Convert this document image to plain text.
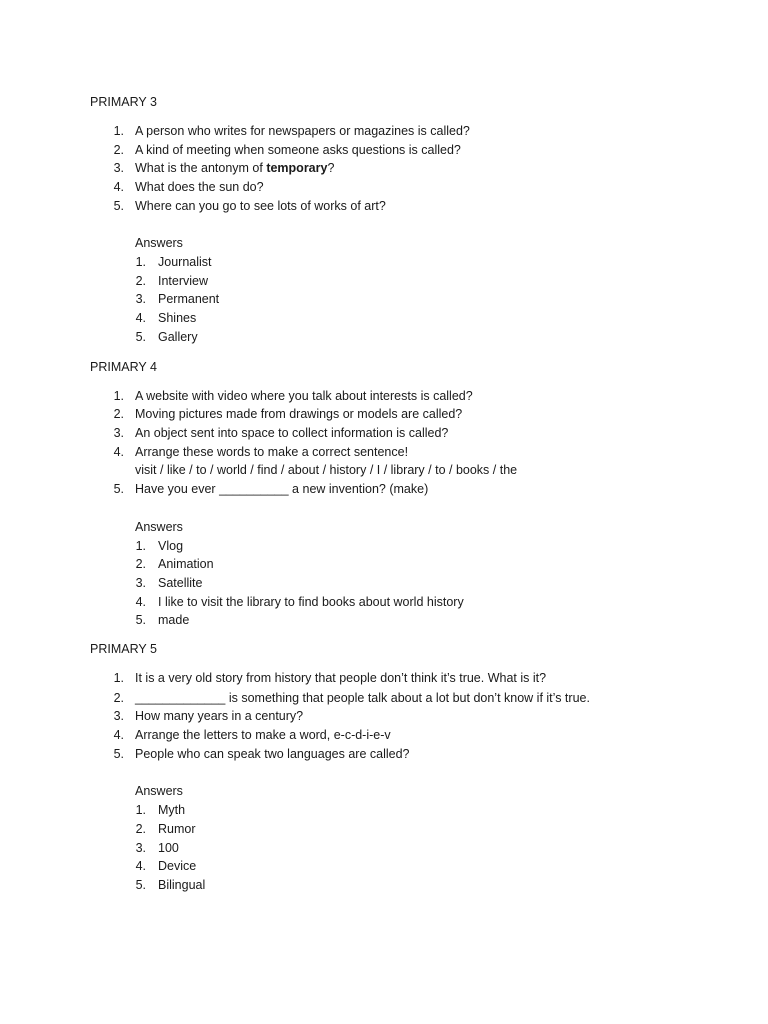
PRIMARY 3
1. A person who writes for newspapers or magazines is called?
2. A kind of meeting when someone asks questions is called?
3. What is the antonym of temporary?
4. What does the sun do?
5. Where can you go to see lots of works of art?
Answers
1. Journalist
2. Interview
3. Permanent
4. Shines
5. Gallery
PRIMARY 4
1. A website with video where you talk about interests is called?
2. Moving pictures made from drawings or models are called?
3. An object sent into space to collect information is called?
4. Arrange these words to make a correct sentence!
visit / like / to / world / find / about / history / I / library / to / books / the
5. Have you ever __________ a new invention? (make)
Answers
1. Vlog
2. Animation
3. Satellite
4. I like to visit the library to find books about world history
5. made
PRIMARY 5
1. It is a very old story from history that people don’t think it’s true. What is it?
2. _____________ is something that people talk about a lot but don’t know if it’s true.
3. How many years in a century?
4. Arrange the letters to make a word, e-c-d-i-e-v
5. People who can speak two languages are called?
Answers
1. Myth
2. Rumor
3. 100
4. Device
5. Bilingual
